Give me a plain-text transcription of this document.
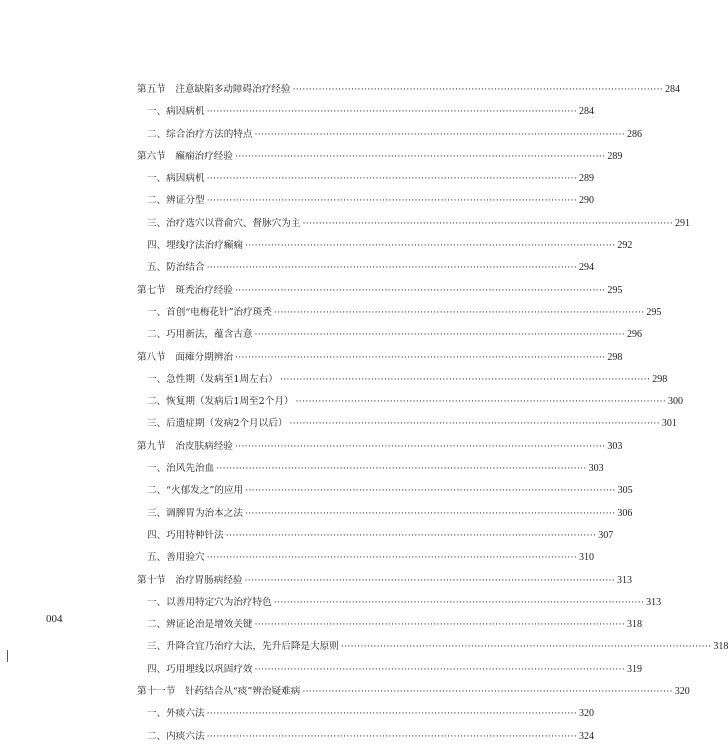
第五节　注意缺陷多动障碍治疗经验 ·····	284
一、病因病机 ·····	284
二、综合治疗方法的特点 ·····	286
第六节　癫痫治疗经验 ·····	289
一、病因病机 ·····	289
二、辨证分型 ·····	290
三、治疗选穴以背俞穴、督脉穴为主 ·····	291
四、埋线疗法治疗癫痫 ·····	292
五、防治结合 ·····	294
第七节　斑秃治疗经验 ·····	295
一、首创“电梅花针”治疗斑秃 ·····	295
二、巧用新法，蕴含古意 ·····	296
第八节　面瘫分期辨治 ·····	298
一、急性期（发病至1周左右） ·····	298
二、恢复期（发病后1周至2个月） ·····	300
三、后遗症期（发病2个月以后） ·····	301
第九节　治皮肤病经验 ·····	303
一、治风先治血 ·····	303
二、“火郁发之”的应用 ·····	305
三、调脾胃为治本之法 ·····	306
四、巧用特种针法 ·····	307
五、善用验穴 ·····	310
第十节　治疗胃肠病经验 ·····	313
一、以善用特定穴为治疗特色 ·····	313
二、辨证论治是增效关键 ·····	318
三、升降合宜乃治疗大法，先升后降是大原则 ·····	318
四、巧用埋线以巩固疗效 ·····	319
第十一节　针药结合从“痰”辨治疑难病 ·····	320
一、外痰六法 ·····	320
二、内痰六法 ·····	324
004
